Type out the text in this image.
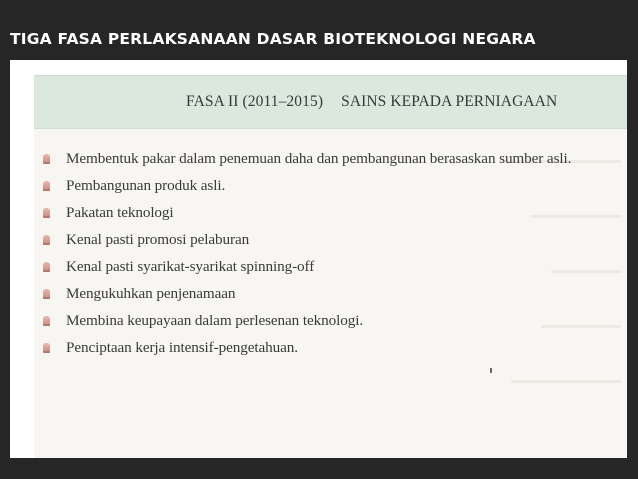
TIGA FASA PERLAKSANAAN DASAR BIOTEKNOLOGI NEGARA

FASA II (2011–2015) SAINS KEPADA PERNIAGAAN

Membentuk pakar dalam penemuan daha dan pembangunan berasaskan sumber asli.
Pembangunan produk asli.
Pakatan teknologi
Kenal pasti promosi pelaburan
Kenal pasti syarikat-syarikat spinning-off
Mengukuhkan penjenamaan
Membina keupayaan dalam perlesenan teknologi.
Penciptaan kerja intensif-pengetahuan.
